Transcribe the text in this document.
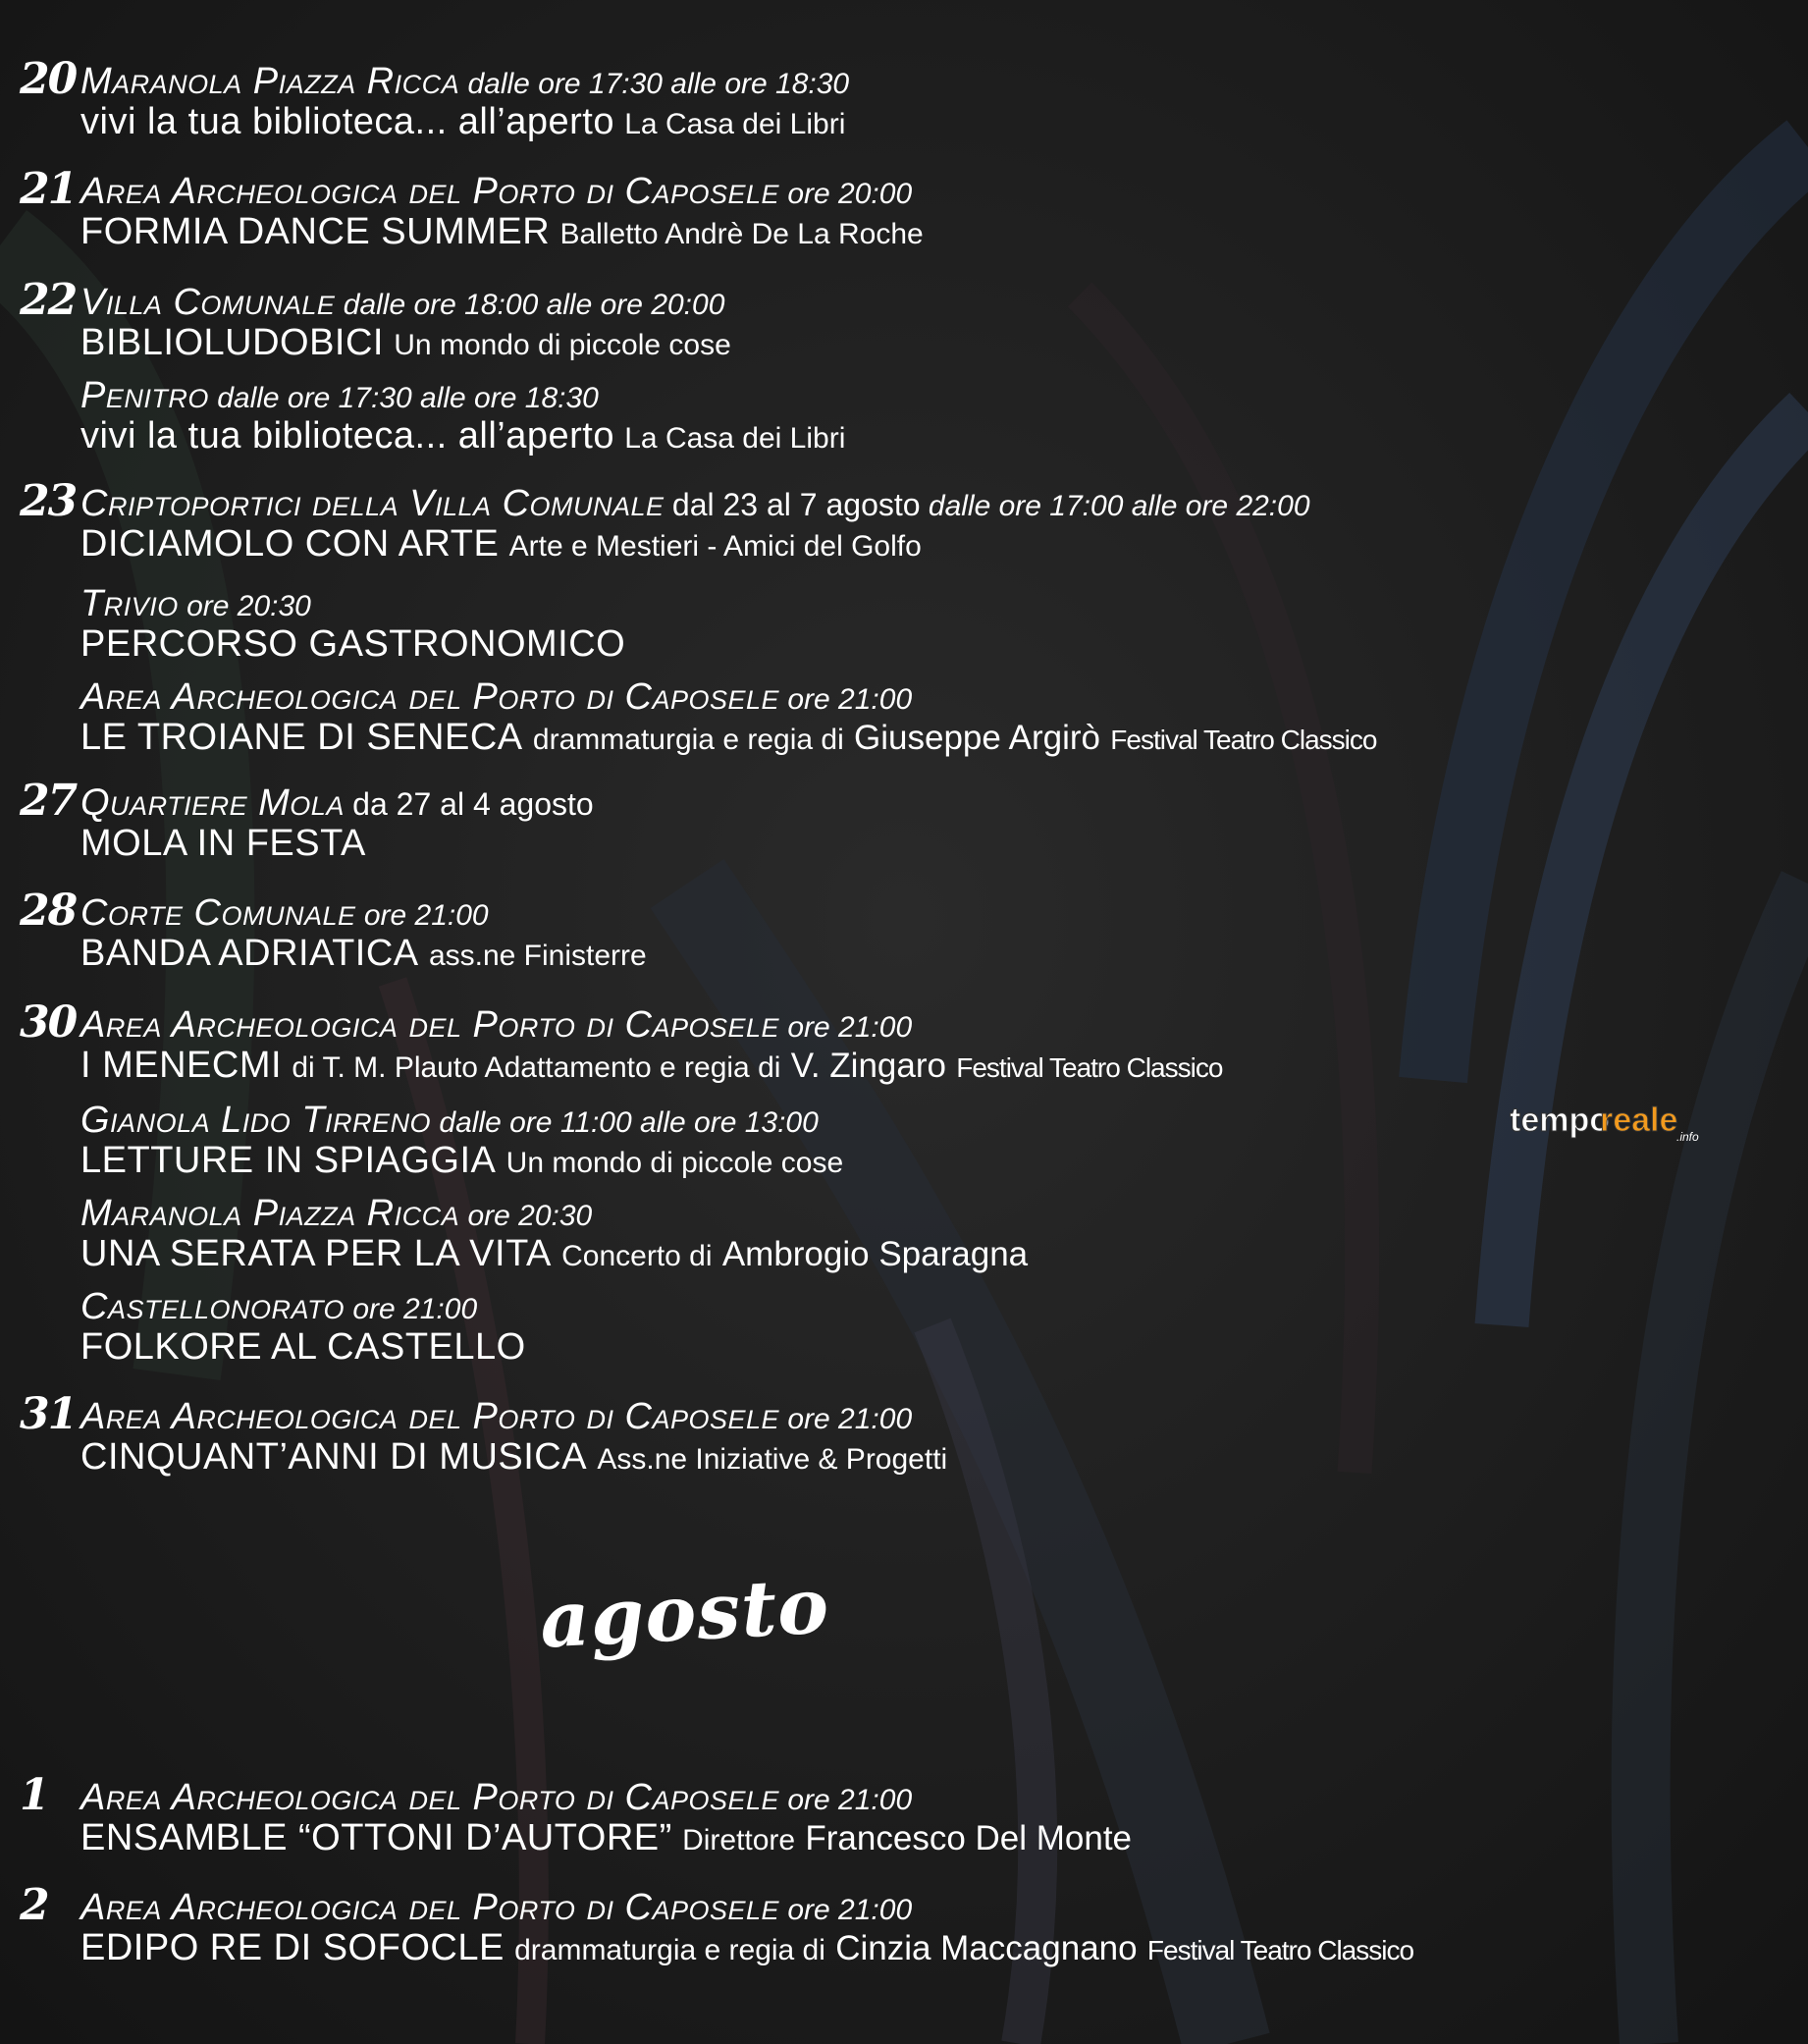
20 Maranola Piazza Ricca dalle ore 17:30 alle ore 18:30
vivi la tua biblioteca... all’aperto La Casa dei Libri
21 Area Archeologica del Porto di Caposele ore 20:00
FORMIA DANCE SUMMER Balletto Andrè De La Roche
22 Villa Comunale dalle ore 18:00 alle ore 20:00
BIBLIOLUDOBICI Un mondo di piccole cose
Penitro dalle ore 17:30 alle ore 18:30
vivi la tua biblioteca... all’aperto La Casa dei Libri
23 Criptoportici della Villa Comunale dal 23 al 7 agosto dalle ore 17:00 alle ore 22:00
DICIAMOLO CON ARTE Arte e Mestieri - Amici del Golfo
Trivio ore 20:30
PERCORSO GASTRONOMICO
Area Archeologica del Porto di Caposele ore 21:00
LE TROIANE DI SENECA drammaturgia e regia di Giuseppe Argirò Festival Teatro Classico
27 Quartiere Mola da 27 al 4 agosto
MOLA IN FESTA
28 Corte Comunale ore 21:00
BANDA ADRIATICA ass.ne Finisterre
30 Area Archeologica del Porto di Caposele ore 21:00
I MENECMI di T. M. Plauto Adattamento e regia di V. Zingaro Festival Teatro Classico
Gianola Lido Tirreno dalle ore 11:00 alle ore 13:00
LETTURE IN SPIAGGIA Un mondo di piccole cose
Maranola Piazza Ricca ore 20:30
UNA SERATA PER LA VITA Concerto di Ambrogio Sparagna
Castellonorato ore 21:00
FOLKORE AL CASTELLO
31 Area Archeologica del Porto di Caposele ore 21:00
CINQUANT’ANNI DI MUSICA Ass.ne Iniziative & Progetti
agosto
1 Area Archeologica del Porto di Caposele ore 21:00
ENSAMBLE “OTTONI D’AUTORE” Direttore Francesco Del Monte
2 Area Archeologica del Porto di Caposele ore 21:00
EDIPO RE DI SOFOCLE drammaturgia e regia di Cinzia Maccagnano Festival Teatro Classico
tempo
reale
.info
